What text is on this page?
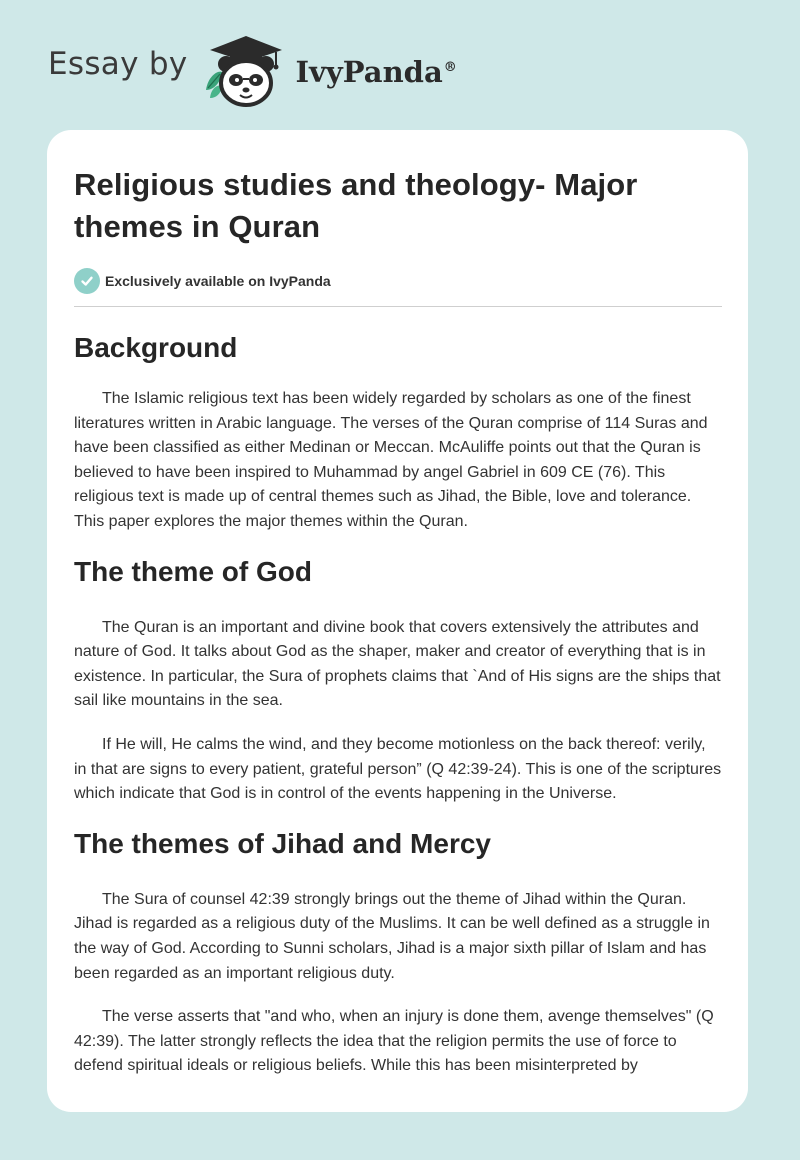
Essay by	IvyPanda®
Religious studies and theology- Major themes in Quran
Exclusively available on IvyPanda
Background

The Islamic religious text has been widely regarded by scholars as one of the finest literatures written in Arabic language. The verses of the Quran comprise of 114 Suras and have been classified as either Medinan or Meccan. McAuliffe points out that the Quran is believed to have been inspired to Muhammad by angel Gabriel in 609 CE (76). This religious text is made up of central themes such as Jihad, the Bible, love and tolerance. This paper explores the major themes within the Quran.

The theme of God

The Quran is an important and divine book that covers extensively the attributes and nature of God. It talks about God as the shaper, maker and creator of everything that is in existence. In particular, the Sura of prophets claims that `And of His signs are the ships that sail like mountains in the sea.

If He will, He calms the wind, and they become motionless on the back thereof: verily, in that are signs to every patient, grateful person” (Q 42:39-24). This is one of the scriptures which indicate that God is in control of the events happening in the Universe.

The themes of Jihad and Mercy

The Sura of counsel 42:39 strongly brings out the theme of Jihad within the Quran. Jihad is regarded as a religious duty of the Muslims. It can be well defined as a struggle in the way of God. According to Sunni scholars, Jihad is a major sixth pillar of Islam and has been regarded as an important religious duty.

The verse asserts that "and who, when an injury is done them, avenge themselves" (Q 42:39). The latter strongly reflects the idea that the religion permits the use of force to defend spiritual ideals or religious beliefs. While this has been misinterpreted by
